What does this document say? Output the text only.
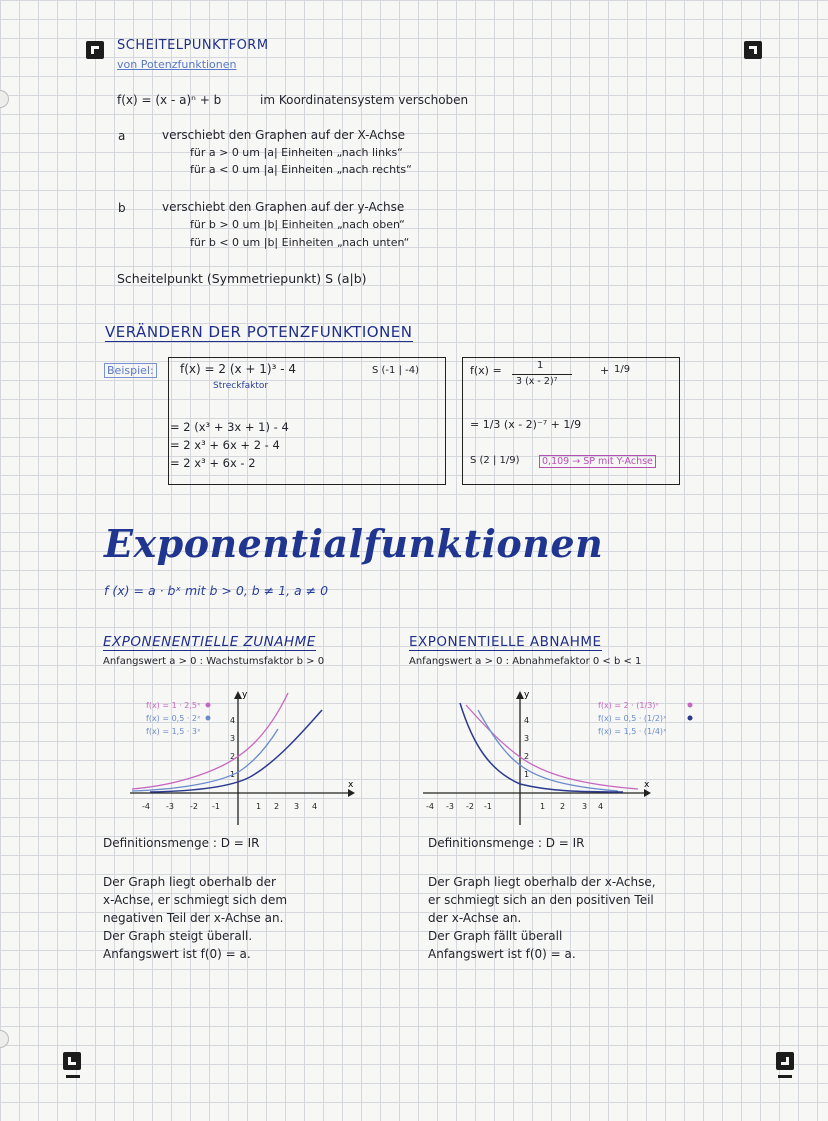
SCHEITELPUNKTFORM
von Potenzfunktionen
f(x) = (x - a)ⁿ + b	im Koordinatensystem verschoben
a	verschiebt den Graphen auf der X-Achse
für a > 0 um |a| Einheiten „nach links“
für a < 0 um |a| Einheiten „nach rechts“
b	verschiebt den Graphen auf der y-Achse
für b > 0 um |b| Einheiten „nach oben“
für b < 0 um |b| Einheiten „nach unten“
Scheitelpunkt (Symmetriepunkt) S (a|b)
VERÄNDERN DER POTENZFUNKTIONEN
Beispiel: f(x) = 2 (x + 1)³ - 4
Streckfaktor
S (-1 | -4)
= 2 (x³ + 3x + 1) - 4
= 2 x³ + 6x + 2 - 4
= 2 x³ + 6x - 2
f(x) =	1
3 (x - 2)⁷
+ 1/9
= 1/3 (x - 2)⁻⁷ + 1/9
S (2 | 1/9)	0,109 → SP mit Y-Achse
Exponentialfunktionen
f (x) = a · bˣ mit b > 0, b ≠ 1, a ≠ 0
EXPONENENTIELLE ZUNAHME
Anfangswert a > 0 : Wachstumsfaktor b > 0
y
x
-4 -3 -2 -1	1 2 3 4
1
2
3
4
f(x) = 1 · 2,5ˣ
f(x) = 0,5 · 2ˣ
f(x) = 1,5 · 3ˣ
Definitionsmenge : D = IR
Der Graph liegt oberhalb der
x-Achse, er schmiegt sich dem
negativen Teil der x-Achse an.
Der Graph steigt überall.
Anfangswert ist f(0) = a.
EXPONENTIELLE ABNAHME
Anfangswert a > 0 : Abnahmefaktor 0 < b < 1
y
x
-4 -3 -2 -1	1 2 3 4
1
2
3
4
f(x) = 2 · (1/3)ˣ
f(x) = 0,5 · (1/2)ˣ
f(x) = 1,5 · (1/4)ˣ
Definitionsmenge : D = IR
Der Graph liegt oberhalb der x-Achse,
er schmiegt sich an den positiven Teil
der x-Achse an.
Der Graph fällt überall
Anfangswert ist f(0) = a.
